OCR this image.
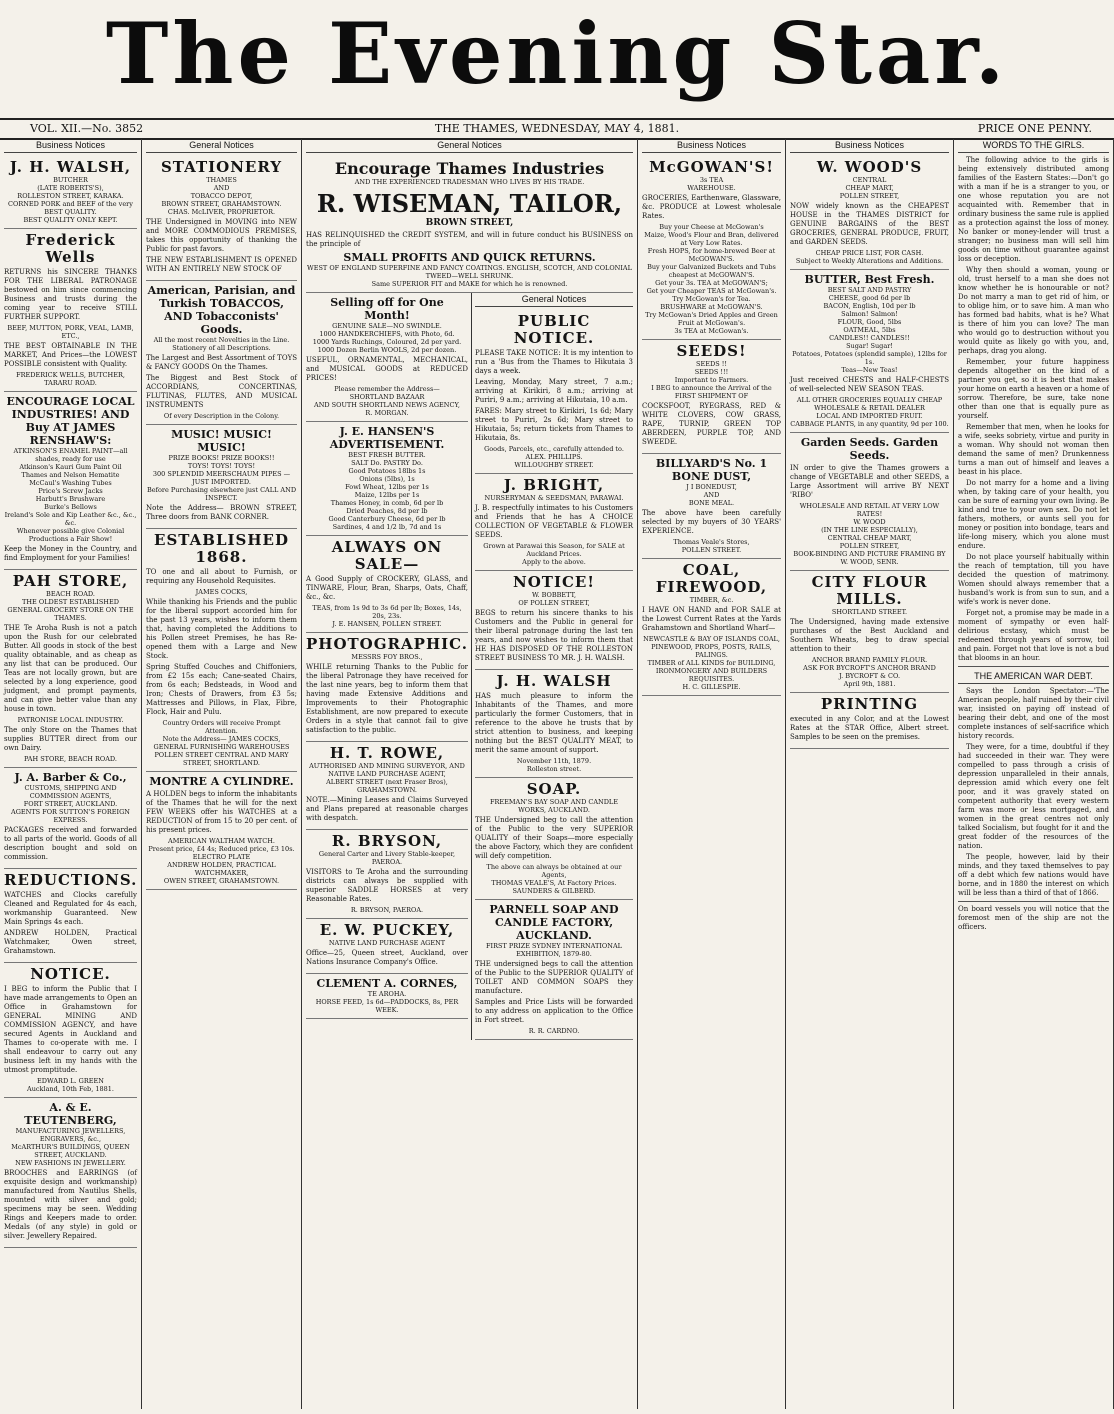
The Evening Star.
VOL. XII.—No. 3852	THE THAMES, WEDNESDAY, MAY 4, 1881.	PRICE ONE PENNY.
Business Notices
J. H. WALSH,
BUTCHER
(LATE ROBERTS'S),
ROLLESTON STREET, KARAKA.
CORNED PORK and BEEF of the very BEST QUALITY.
BEST QUALITY ONLY KEPT.
Frederick Wells
RETURNS his SINCERE THANKS FOR THE LIBERAL PATRONAGE bestowed on him since commencing Business and trusts during the coming year to receive STILL FURTHER SUPPORT.
BEEF, MUTTON, PORK, VEAL, LAMB, ETC.,
THE BEST OBTAINABLE IN THE MARKET, And Prices—the LOWEST POSSIBLE consistent with Quality.
FREDERICK WELLS, BUTCHER, TARARU ROAD.
ENCOURAGE LOCAL INDUSTRIES! AND Buy AT JAMES RENSHAW'S:
ATKINSON'S ENAMEL PAINT—all shades, ready for use
Atkinson's Kauri Gum Paint Oil
Thames and Nelson Hematite
McCaul's Washing Tubes
Price's Screw Jacks
Harbutt's Brushware
Burke's Bellows
Ireland's Sole and Kip Leather &c., &c., &c.
Whenever possible give Colonial Productions a Fair Show!
Keep the Money in the Country, and find Employment for your Families!
PAH STORE,
BEACH ROAD.
THE OLDEST ESTABLISHED GENERAL GROCERY STORE ON THE THAMES.
THE Te Aroha Rush is not a patch upon the Rush for our celebrated Butter. All goods in stock of the best quality obtainable, and as cheap as any list that can be produced. Our Teas are not locally grown, but are selected by a long experience, good judgment, and prompt payments, and can give better value than any house in town.
PATRONISE LOCAL INDUSTRY.
The only Store on the Thames that supplies BUTTER direct from our own Dairy.
PAH STORE, BEACH ROAD.
J. A. Barber & Co.,
CUSTOMS, SHIPPING AND COMMISSION AGENTS,
FORT STREET, AUCKLAND.
AGENTS FOR SUTTON'S FOREIGN EXPRESS.
PACKAGES received and forwarded to all parts of the world. Goods of all description bought and sold on commission.
REDUCTIONS.
WATCHES and Clocks carefully Cleaned and Regulated for 4s each, workmanship Guaranteed. New Main Springs 4s each.
ANDREW HOLDEN, Practical Watchmaker, Owen street, Grahamstown.
NOTICE.
I BEG to inform the Public that I have made arrangements to Open an Office in Grahamstown for GENERAL MINING AND COMMISSION AGENCY, and have secured Agents in Auckland and Thames to co-operate with me. I shall endeavour to carry out any business left in my hands with the utmost promptitude.
EDWARD L. GREEN
Auckland, 10th Feb, 1881.
A. & E. TEUTENBERG,
MANUFACTURING JEWELLERS, ENGRAVERS, &c.,
McARTHUR'S BUILDINGS, QUEEN STREET, AUCKLAND.
NEW FASHIONS IN JEWELLERY.
BROOCHES and EARRINGS (of exquisite design and workmanship) manufactured from Nautilus Shells, mounted with silver and gold; specimens may be seen. Wedding Rings and Keepers made to order. Medals (of any style) in gold or silver. Jewellery Repaired.
General Notices
STATIONERY
THAMES
AND
TOBACCO DEPOT,
BROWN STREET, GRAHAMSTOWN.
CHAS. McLIVER, PROPRIETOR.
THE Undersigned in MOVING into NEW and MORE COMMODIOUS PREMISES, takes this opportunity of thanking the Public for past favors.
THE NEW ESTABLISHMENT IS OPENED WITH AN ENTIRELY NEW STOCK OF
American, Parisian, and Turkish TOBACCOS, AND Tobacconists' Goods.
All the most recent Novelties in the Line.
Stationery of all Descriptions.
The Largest and Best Assortment of TOYS & FANCY GOODS On the Thames.
The Biggest and Best Stock of ACCORDIANS, CONCERTINAS, FLUTINAS, FLUTES, AND MUSICAL INSTRUMENTS
Of every Description in the Colony.
MUSIC! MUSIC! MUSIC!
PRIZE BOOKS! PRIZE BOOKS!!
TOYS! TOYS! TOYS!
300 SPLENDID MEERSCHAUM PIPES —JUST IMPORTED.
Before Purchasing elsewhere just CALL AND INSPECT.
Note the Address— BROWN STREET, Three doors from BANK CORNER.
ESTABLISHED 1868.
TO one and all about to Furnish, or requiring any Household Requisites.
JAMES COCKS,
While thanking his Friends and the public for the liberal support accorded him for the past 13 years, wishes to inform them that, having completed the Additions to his Pollen street Premises, he has Re-opened them with a Large and New Stock.
Spring Stuffed Couches and Chiffoniers, from £2 15s each; Cane-seated Chairs, from 6s each; Bedsteads, in Wood and Iron; Chests of Drawers, from £3 5s; Mattresses and Pillows, in Flax, Fibre, Flock, Hair and Pulu.
Country Orders will receive Prompt Attention.
Note the Address— JAMES COCKS,
GENERAL FURNISHING WAREHOUSES
POLLEN STREET CENTRAL AND MARY STREET, SHORTLAND.
MONTRE A CYLINDRE.
A HOLDEN begs to inform the inhabitants of the Thames that he will for the next FEW WEEKS offer his WATCHES at a REDUCTION of from 15 to 20 per cent. of his present prices.
AMERICAN WALTHAM WATCH.
Present price, £4 4s; Reduced price, £3 10s.
ELECTRO PLATE
ANDREW HOLDEN, PRACTICAL WATCHMAKER,
OWEN STREET, GRAHAMSTOWN.
General Notices
Encourage Thames Industries
AND THE EXPERIENCED TRADESMAN WHO LIVES BY HIS TRADE.
R. WISEMAN, TAILOR,
BROWN STREET,
HAS RELINQUISHED the CREDIT SYSTEM, and will in future conduct his BUSINESS on the principle of
SMALL PROFITS AND QUICK RETURNS.
WEST OF ENGLAND SUPERFINE AND FANCY COATINGS. ENGLISH, SCOTCH, AND COLONIAL TWEED—WELL SHRUNK.
Same SUPERIOR FIT and MAKE for which he is renowned.
Selling off for One Month!
GENUINE SALE—NO SWINDLE.
1000 HANDKERCHIEFS, with Photo, 6d.
1000 Yards Ruchings, Coloured, 2d per yard.
1000 Dozen Berlin WOOLS, 2d per dozen.
USEFUL, ORNAMENTAL, MECHANICAL, and MUSICAL GOODS at REDUCED PRICES!
Please remember the Address—
SHORTLAND BAZAAR
AND SOUTH SHORTLAND NEWS AGENCY,
R. MORGAN.
J. E. HANSEN'S ADVERTISEMENT.
BEST FRESH BUTTER.
SALT Do. PASTRY Do.
Good Potatoes 18lbs 1s
Onions (5lbs), 1s
Fowl Wheat, 12lbs per 1s
Maize, 12lbs per 1s
Thames Honey, in comb, 6d per lb
Dried Peaches, 8d per lb
Good Canterbury Cheese, 6d per lb
Sardines, 4 and 1/2 lb, 7d and 1s
ALWAYS ON SALE—
A Good Supply of CROCKERY, GLASS, and TINWARE, Flour, Bran, Sharps, Oats, Chaff, &c., &c.
TEAS, from 1s 9d to 3s 6d per lb; Boxes, 14s, 20s, 23s.
J. E. HANSEN, POLLEN STREET.
PHOTOGRAPHIC.
MESSRS FOY BROS.,
WHILE returning Thanks to the Public for the liberal Patronage they have received for the last nine years, beg to inform them that having made Extensive Additions and Improvements to their Photographic Establishment, are now prepared to execute Orders in a style that cannot fail to give satisfaction to the public.
H. T. ROWE,
AUTHORISED AND MINING SURVEYOR, AND
NATIVE LAND PURCHASE AGENT,
ALBERT STREET (next Fraser Bros), GRAHAMSTOWN.
NOTE.—Mining Leases and Claims Surveyed and Plans prepared at reasonable charges with despatch.
R. BRYSON,
General Carter and Livery Stable-keeper, PAEROA.
VISITORS to Te Aroha and the surrounding districts can always be supplied with superior SADDLE HORSES at very Reasonable Rates.
R. BRYSON, PAEROA.
E. W. PUCKEY,
NATIVE LAND PURCHASE AGENT
Office—25, Queen street, Auckland, over Nations Insurance Company's Office.
CLEMENT A. CORNES,
TE AROHA.
HORSE FEED, 1s 6d—PADDOCKS, 8s, PER WEEK.
General Notices
PUBLIC NOTICE.
PLEASE TAKE NOTICE: It is my intention to run a 'Bus from the Thames to Hikutaia 3 days a week.
Leaving, Monday, Mary street, 7 a.m.; arriving at Kirikiri, 8 a.m.; arriving at Puriri, 9 a.m.; arriving at Hikutaia, 10 a.m.
FARES: Mary street to Kirikiri, 1s 6d; Mary street to Puriri, 2s 6d; Mary street to Hikutaia, 5s; return tickets from Thames to Hikutaia, 8s.
Goods, Parcels, etc., carefully attended to.
ALEX. PHILLIPS.
WILLOUGHBY STREET.
J. BRIGHT,
NURSERYMAN & SEEDSMAN, PARAWAI.
J. B. respectfully intimates to his Customers and Friends that he has A CHOICE COLLECTION OF VEGETABLE & FLOWER SEEDS.
Grown at Parawai this Season, for SALE at Auckland Prices.
Apply to the above.
NOTICE!
W. BOBBETT,
OF POLLEN STREET,
BEGS to return his sincere thanks to his Customers and the Public in general for their liberal patronage during the last ten years, and now wishes to inform them that HE HAS DISPOSED OF THE ROLLESTON STREET BUSINESS TO MR. J. H. WALSH.
J. H. WALSH
HAS much pleasure to inform the Inhabitants of the Thames, and more particularly the former Customers, that in reference to the above he trusts that by strict attention to business, and keeping nothing but the BEST QUALITY MEAT, to merit the same amount of support.
November 11th, 1879.
Rolleston street.
SOAP.
FREEMAN'S BAY SOAP AND CANDLE WORKS, AUCKLAND.
THE Undersigned beg to call the attention of the Public to the very SUPERIOR QUALITY of their Soaps—more especially the above Factory, which they are confident will defy competition.
The above can always be obtained at our Agents,
THOMAS VEALE'S, At Factory Prices.
SAUNDERS & GILBERD.
PARNELL SOAP AND CANDLE FACTORY, AUCKLAND.
FIRST PRIZE SYDNEY INTERNATIONAL EXHIBITION, 1879-80.
THE undersigned begs to call the attention of the Public to the SUPERIOR QUALITY of TOILET AND COMMON SOAPS they manufacture.
Samples and Price Lists will be forwarded to any address on application to the Office in Fort street.
R. R. CARDNO.
Business Notices
McGOWAN'S!
3s TEA
WAREHOUSE.
GROCERIES, Earthenware, Glassware, &c. PRODUCE at Lowest wholesale Rates.
Buy your Cheese at McGowan's
Maize, Wood's Flour and Bran, delivered at Very Low Rates.
Fresh HOPS, for home-brewed Beer at McGOWAN'S.
Buy your Galvanized Buckets and Tubs cheapest at McGOWAN'S.
Get your 3s. TEA at McGOWAN'S;
Get your Cheaper TEAS at McGowan's.
Try McGowan's for Tea.
BRUSHWARE at McGOWAN'S.
Try McGowan's Dried Apples and Green Fruit at McGowan's.
3s TEA at McGowan's.
SEEDS!
SEEDS !!
SEEDS !!!
Important to Farmers.
I BEG to announce the Arrival of the FIRST SHIPMENT OF
COCKSFOOT, RYEGRASS, RED & WHITE CLOVERS, COW GRASS, RAPE, TURNIP, GREEN TOP ABERDEEN, PURPLE TOP, AND SWEEDE.
BILLYARD'S No. 1 BONE DUST,
J I BONEDUST,
AND
BONE MEAL.
The above have been carefully selected by my buyers of 30 YEARS' EXPERIENCE.
Thomas Veale's Stores,
POLLEN STREET.
COAL, FIREWOOD,
TIMBER, &c.
I HAVE ON HAND and FOR SALE at the Lowest Current Rates at the Yards Grahamstown and Shortland Wharf—
NEWCASTLE & BAY OF ISLANDS COAL,
PINEWOOD, PROPS, POSTS, RAILS, PALINGS.
TIMBER of ALL KINDS for BUILDING,
IRONMONGERY AND BUILDERS REQUISITES.
H. C. GILLESPIE.
Business Notices
W. WOOD'S
CENTRAL
CHEAP MART,
POLLEN STREET,
NOW widely known as the CHEAPEST HOUSE in the THAMES DISTRICT for GENUINE BARGAINS of the BEST GROCERIES, GENERAL PRODUCE, FRUIT, and GARDEN SEEDS.
CHEAP PRICE LIST, FOR CASH.
Subject to Weekly Alterations and Additions.
BUTTER, Best Fresh.
BEST SALT AND PASTRY
CHEESE, good 6d per lb
BACON, English, 10d per lb
Salmon! Salmon!
FLOUR, Good, 5lbs
OATMEAL, 5lbs
CANDLES!! CANDLES!!
Sugar! Sugar!
Potatoes, Potatoes (splendid sample), 12lbs for 1s.
Teas—New Teas!
Just received CHESTS and HALF-CHESTS of well-selected NEW SEASON TEAS.
ALL OTHER GROCERIES EQUALLY CHEAP
WHOLESALE & RETAIL DEALER
LOCAL AND IMPORTED FRUIT.
CABBAGE PLANTS, in any quantity, 9d per 100.
Garden Seeds. Garden Seeds.
IN order to give the Thames growers a change of VEGETABLE and other SEEDS, a Large Assortment will arrive BY NEXT 'RIBO'
WHOLESALE AND RETAIL AT VERY LOW RATES!
W. WOOD
(IN THE LINE ESPECIALLY),
CENTRAL CHEAP MART,
POLLEN STREET,
BOOK-BINDING AND PICTURE FRAMING BY W. WOOD, SENR.
CITY FLOUR MILLS.
SHORTLAND STREET.
The Undersigned, having made extensive purchases of the Best Auckland and Southern Wheats, beg to draw special attention to their
ANCHOR BRAND FAMILY FLOUR.
ASK FOR BYCROFT'S ANCHOR BRAND
J. BYCROFT & CO.
April 9th, 1881.
PRINTING
executed in any Color, and at the Lowest Rates at the STAR Office, Albert street. Samples to be seen on the premises.
WORDS TO THE GIRLS.
The following advice to the girls is being extensively distributed among families of the Eastern States:—Don't go with a man if he is a stranger to you, or one whose reputation you are not acquainted with. Remember that in ordinary business the same rule is applied as a protection against the loss of money. No banker or money-lender will trust a stranger; no business man will sell him goods on time without guarantee against loss or deception.
Why then should a woman, young or old, trust herself to a man she does not know whether he is honourable or not? Do not marry a man to get rid of him, or to oblige him, or to save him. A man who has formed bad habits, what is he? What is there of him you can love? The man who would go to destruction without you would quite as likely go with you, and, perhaps, drag you along.
Remember, your future happiness depends altogether on the kind of a partner you get, so it is best that makes your home on earth a heaven or a home of sorrow. Therefore, be sure, take none other than one that is equally pure as yourself.
Remember that men, when he looks for a wife, seeks sobriety, virtue and purity in a woman. Why should not woman then demand the same of men? Drunkenness turns a man out of himself and leaves a beast in his place.
Do not marry for a home and a living when, by taking care of your health, you can be sure of earning your own living. Be kind and true to your own sex. Do not let fathers, mothers, or aunts sell you for money or position into bondage, tears and life-long misery, which you alone must endure.
Do not place yourself habitually within the reach of temptation, till you have decided the question of matrimony. Women should always remember that a husband's work is from sun to sun, and a wife's work is never done.
Forget not, a promise may be made in a moment of sympathy or even half-delirious ecstasy, which must be redeemed through years of sorrow, toil and pain. Forget not that love is not a bud that blooms in an hour.
THE AMERICAN WAR DEBT.
Says the London Spectator:—'The American people, half ruined by their civil war, insisted on paying off instead of bearing their debt, and one of the most complete instances of self-sacrifice which history records.
They were, for a time, doubtful if they had succeeded in their war. They were compelled to pass through a crisis of depression unparalleled in their annals, depression amid which every one felt poor, and it was gravely stated on competent authority that every western farm was more or less mortgaged, and women in the great centres not only talked Socialism, but fought for it and the great fodder of the resources of the nation.
The people, however, laid by their minds, and they taxed themselves to pay off a debt which few nations would have borne, and in 1880 the interest on which will be less than a third of that of 1866.
On board vessels you will notice that the foremost men of the ship are not the officers.
